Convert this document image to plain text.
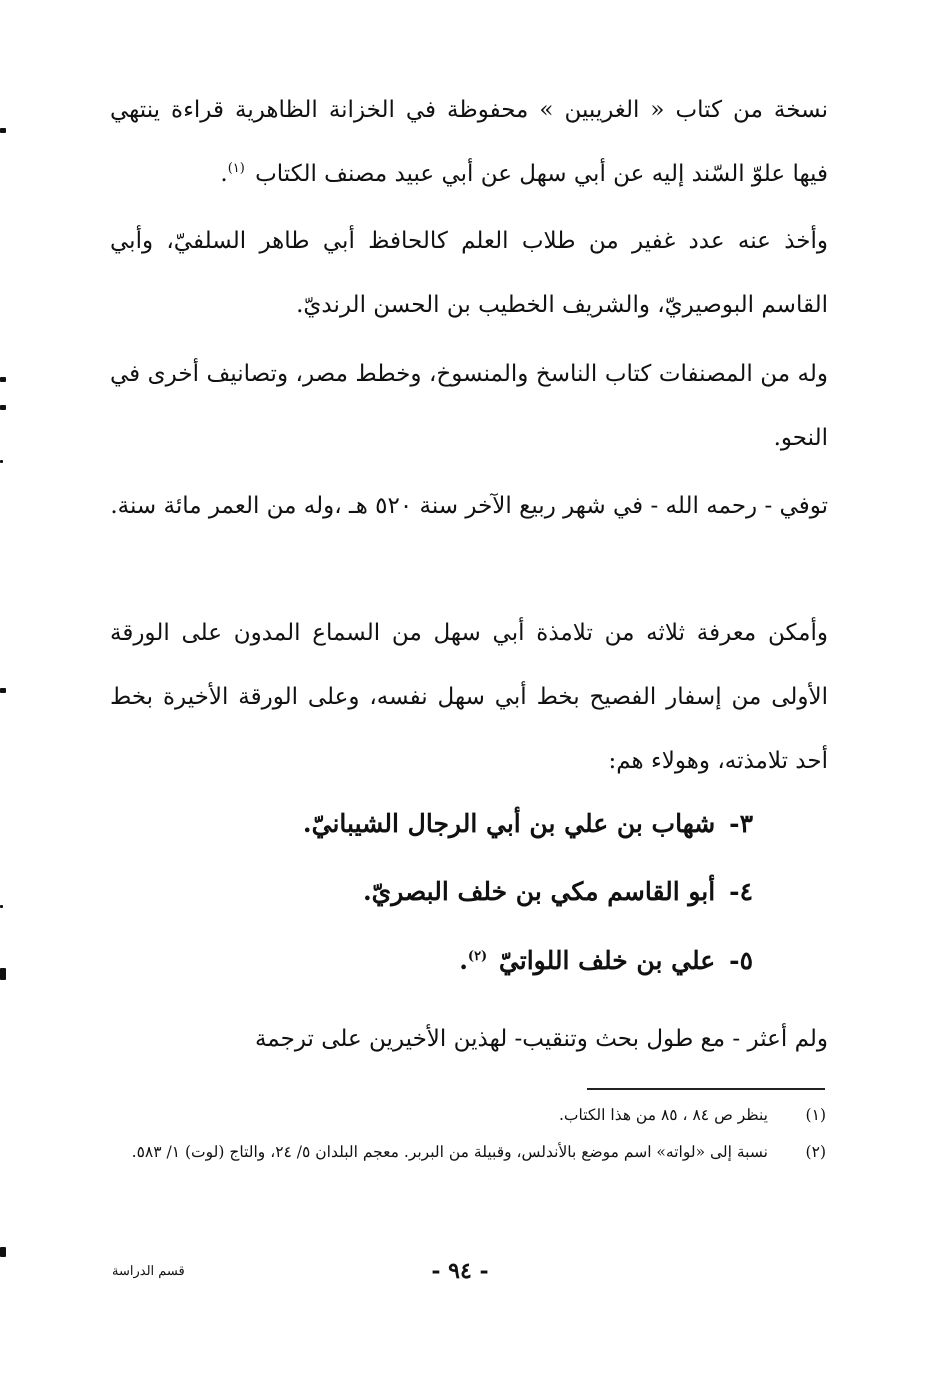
نسخة من كتاب « الغريبين » محفوظة في الخزانة الظاهرية قراءة ينتهي فيها علوّ السّند إليه عن أبي سهل عن أبي عبيد مصنف الكتاب $^{(١)}$.
وأخذ عنه عدد غفير من طلاب العلم كالحافظ أبي طاهر السلفيّ، وأبي القاسم البوصيريّ، والشريف الخطيب بن الحسن الرنديّ.
وله من المصنفات كتاب الناسخ والمنسوخ، وخطط مصر، وتصانيف أخرى في النحو.
توفي - رحمه الله - في شهر ربيع الآخر سنة ٥٢٠ هـ ،وله من العمر مائة سنة.
وأمكن معرفة ثلاثه من تلامذة أبي سهل من السماع المدون على الورقة الأولى من إسفار الفصيح بخط أبي سهل نفسه، وعلى الورقة الأخيرة بخط أحد تلامذته، وهولاء هم:
٣-شهاب بن علي بن أبي الرجال الشيبانيّ.
٤-أبو القاسم مكي بن خلف البصريّ.
٥-علي بن خلف اللواتيّ $^{(٢)}$.
ولم أعثر - مع طول بحث وتنقيب- لهذين الأخيرين على ترجمة
(١)
ينظر ص ٨٤ ، ٨٥ من هذا الكتاب.
(٢)
نسبة إلى «لواته» اسم موضع بالأندلس، وقبيلة من البربر. معجم البلدان ٥/ ٢٤، والتاج (لوت) ١/ ٥٨٣.
- ٩٤ -
قسم الدراسة
